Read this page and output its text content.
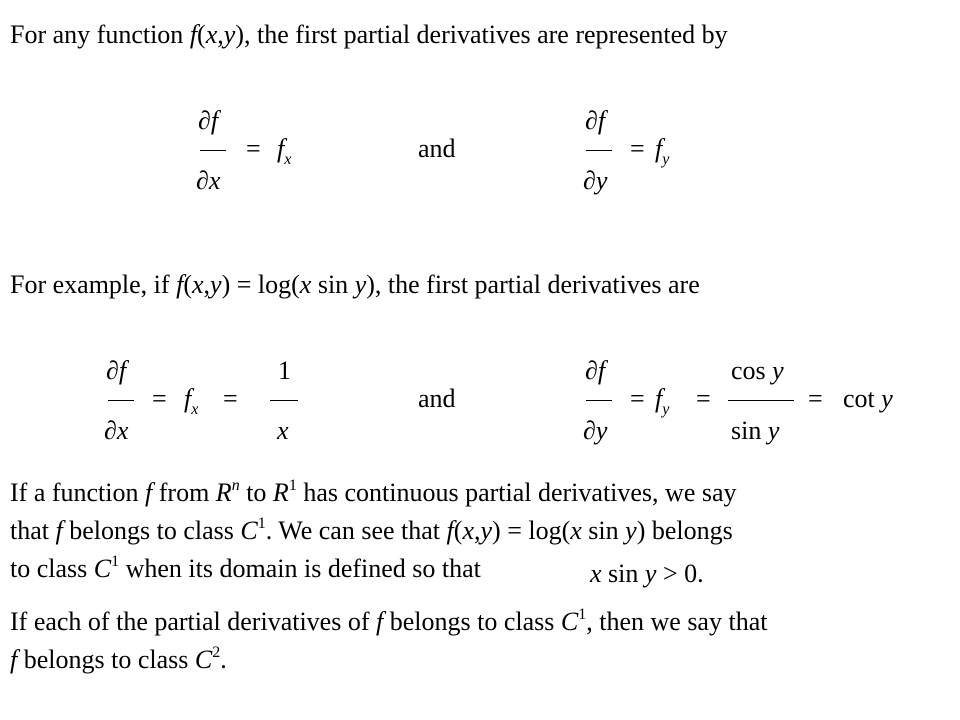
For any function f(x,y), the first partial derivatives are represented by
∂f
∂x
= $f_x$	and
∂f
∂y
= $f_y$
For example, if f(x,y) = log(x sin y), the first partial derivatives are
∂f
∂x
= $f_x$ =
1
x
and
∂f
∂y
= $f_y$ =
cos y
sin y
= cot y
If a function f from $R^n$ to $R^1$ has continuous partial derivatives, we say
that f belongs to class $C^1$. We can see that f(x,y) = log(x sin y) belongs
to class $C^1$ when its domain is defined so that	x sin y > 0.
If each of the partial derivatives of f belongs to class $C^1$, then we say that
f belongs to class $C^2$.
